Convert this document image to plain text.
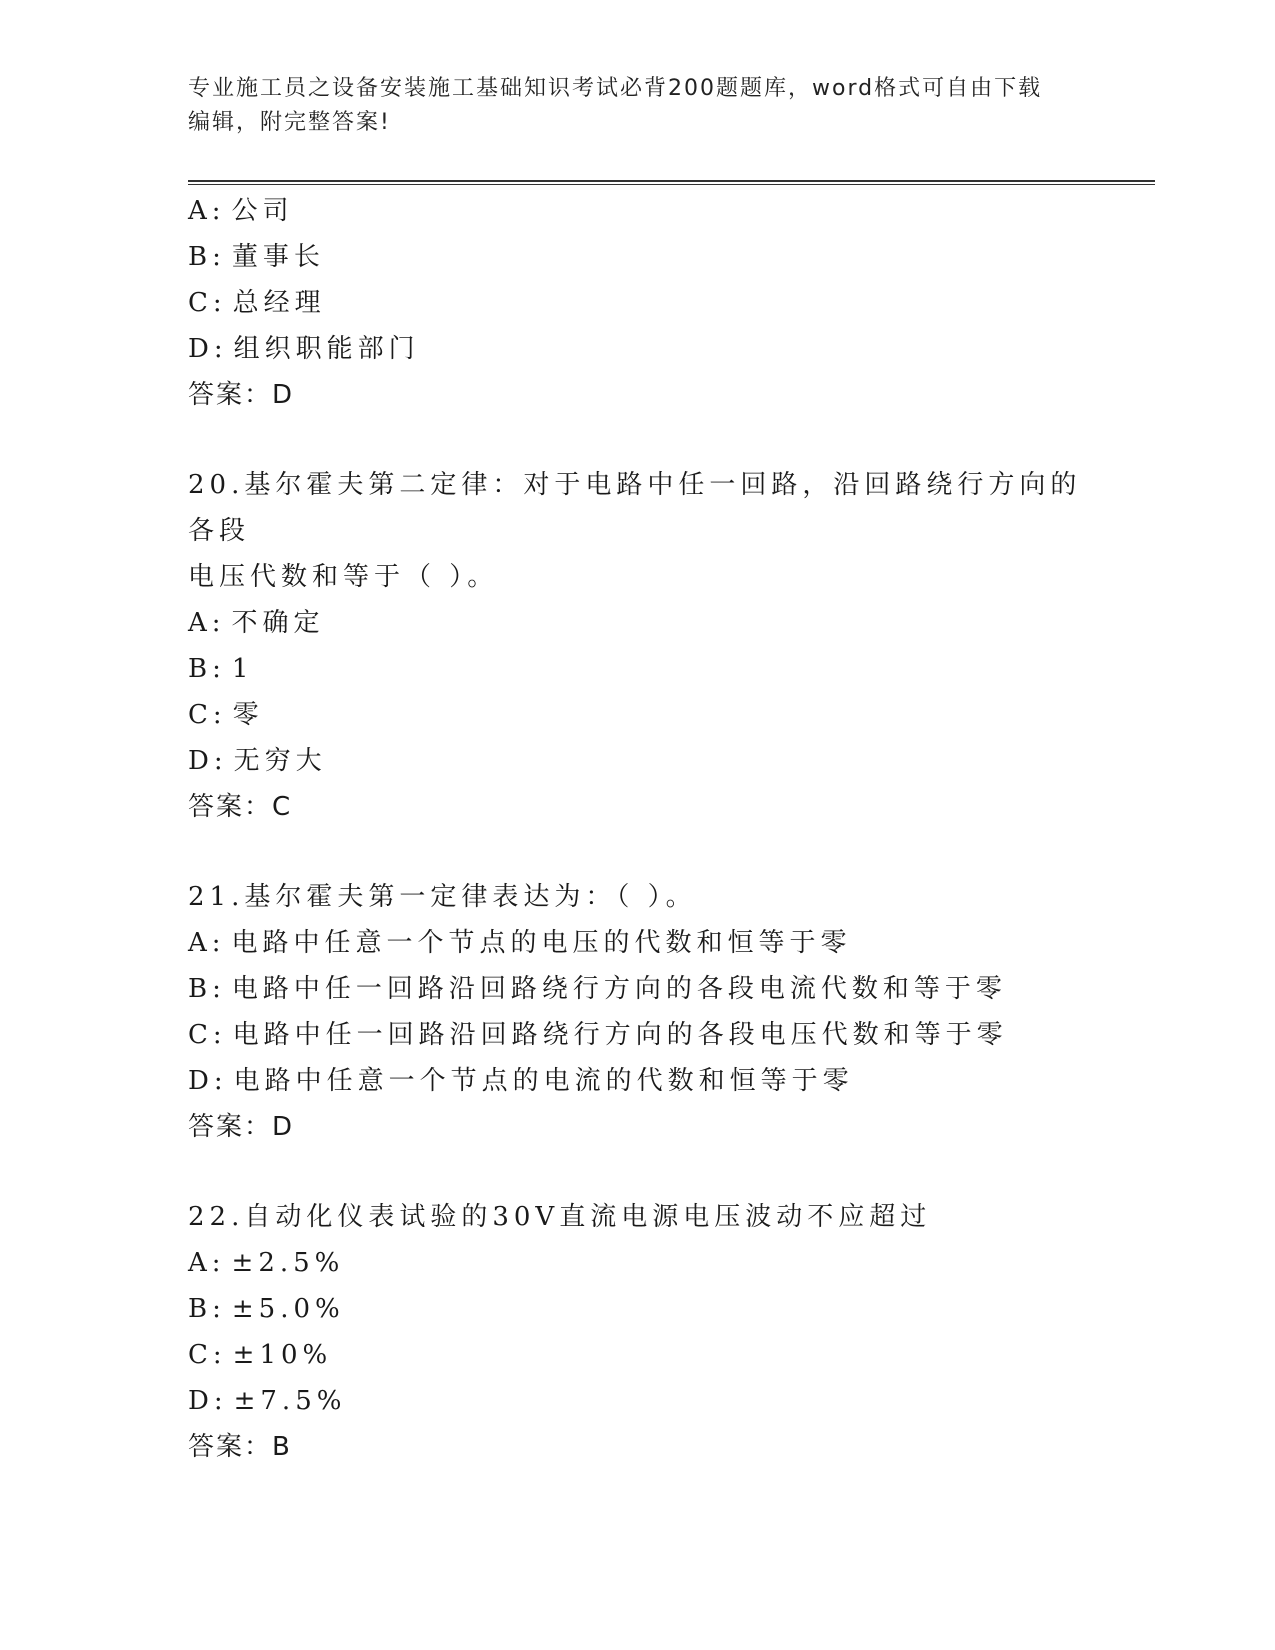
专业施工员之设备安装施工基础知识考试必背200题题库，word格式可自由下载
编辑，附完整答案!
A: 公司
B: 董事长
C: 总经理
D: 组织职能部门
答案：D
20.基尔霍夫第二定律：对于电路中任一回路，沿回路绕行方向的各段
电压代数和等于（ ）。
A: 不确定
B: 1
C: 零
D: 无穷大
答案：C
21.基尔霍夫第一定律表达为：（ ）。
A: 电路中任意一个节点的电压的代数和恒等于零
B: 电路中任一回路沿回路绕行方向的各段电流代数和等于零
C: 电路中任一回路沿回路绕行方向的各段电压代数和等于零
D: 电路中任意一个节点的电流的代数和恒等于零
答案：D
22.自动化仪表试验的30V直流电源电压波动不应超过
A: ±2.5%
B: ±5.0%
C: ±10%
D: ±7.5%
答案：B
